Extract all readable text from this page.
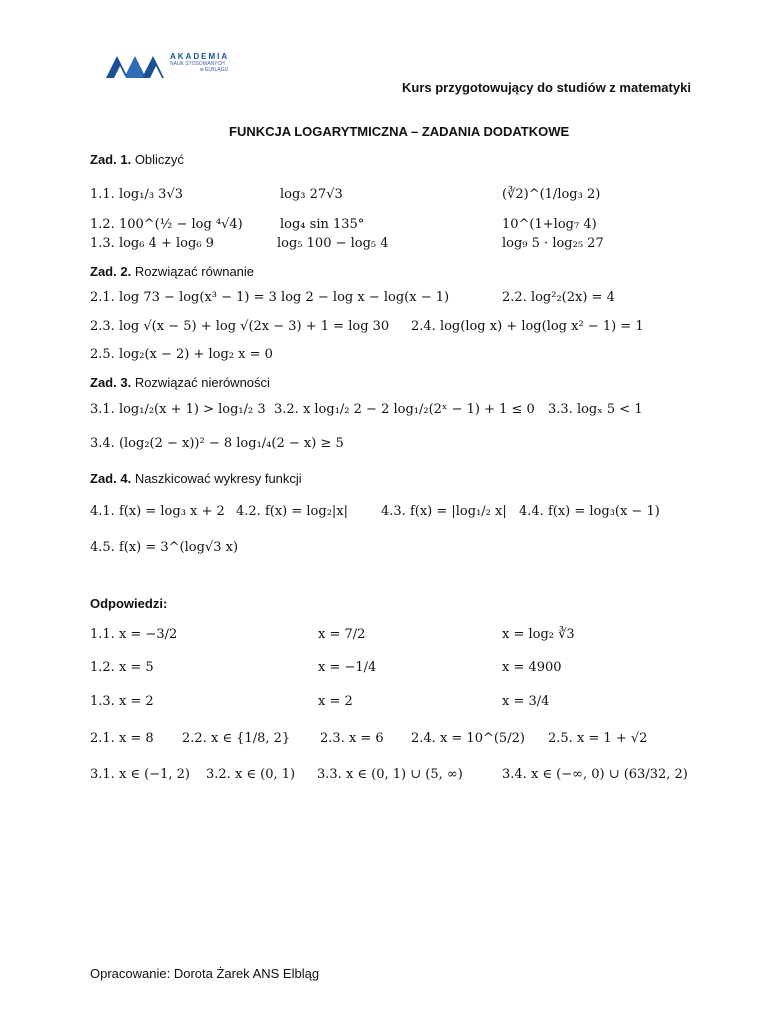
AKADEMIA
NAUK STOSOWANYCH
w ELBLĄGU
Kurs przygotowujący do studiów z matematyki
FUNKCJA LOGARYTMICZNA – ZADANIA DODATKOWE
Zad. 1. Obliczyć
1.1. log₁/₃ 3√3	log₃ 27√3	(∛2)^(1/log₃ 2)
1.2. 100^(½ − log ⁴√4)	log₄ sin 135°	10^(1+log₇ 4)
1.3. log₆ 4 + log₆ 9	log₅ 100 − log₅ 4	log₉ 5 · log₂₅ 27
Zad. 2. Rozwiązać równanie
2.1. log 73 − log(x³ − 1) = 3 log 2 − log x − log(x − 1)	2.2. log²₂(2x) = 4
2.3. log √(x − 5) + log √(2x − 3) + 1 = log 30 2.4. log(log x) + log(log x² − 1) = 1
2.5. log₂(x − 2) + log₂ x = 0
Zad. 3. Rozwiązać nierówności
3.1. log₁/₂(x + 1) > log₁/₂ 3 3.2. x log₁/₂ 2 − 2 log₁/₂(2ˣ − 1) + 1 ≤ 0 3.3. logₓ 5 < 1
3.4. (log₂(2 − x))² − 8 log₁/₄(2 − x) ≥ 5
Zad. 4. Naszkicować wykresy funkcji
4.1. f(x) = log₃ x + 2 4.2. f(x) = log₂|x|	4.3. f(x) = |log₁/₂ x| 4.4. f(x) = log₃(x − 1)
4.5. f(x) = 3^(log√3 x)
Odpowiedzi:
1.1. x = −3/2	x = 7/2	x = log₂ ∛3
1.2. x = 5	x = −1/4	x = 4900
1.3. x = 2	x = 2	x = 3/4
2.1. x = 8 2.2. x ∈ {1/8, 2} 2.3. x = 6 2.4. x = 10^(5/2) 2.5. x = 1 + √2
3.1. x ∈ (−1, 2) 3.2. x ∈ (0, 1) 3.3. x ∈ (0, 1) ∪ (5, ∞)	3.4. x ∈ (−∞, 0) ∪ (63/32, 2)
Opracowanie: Dorota Żarek ANS Elbląg
